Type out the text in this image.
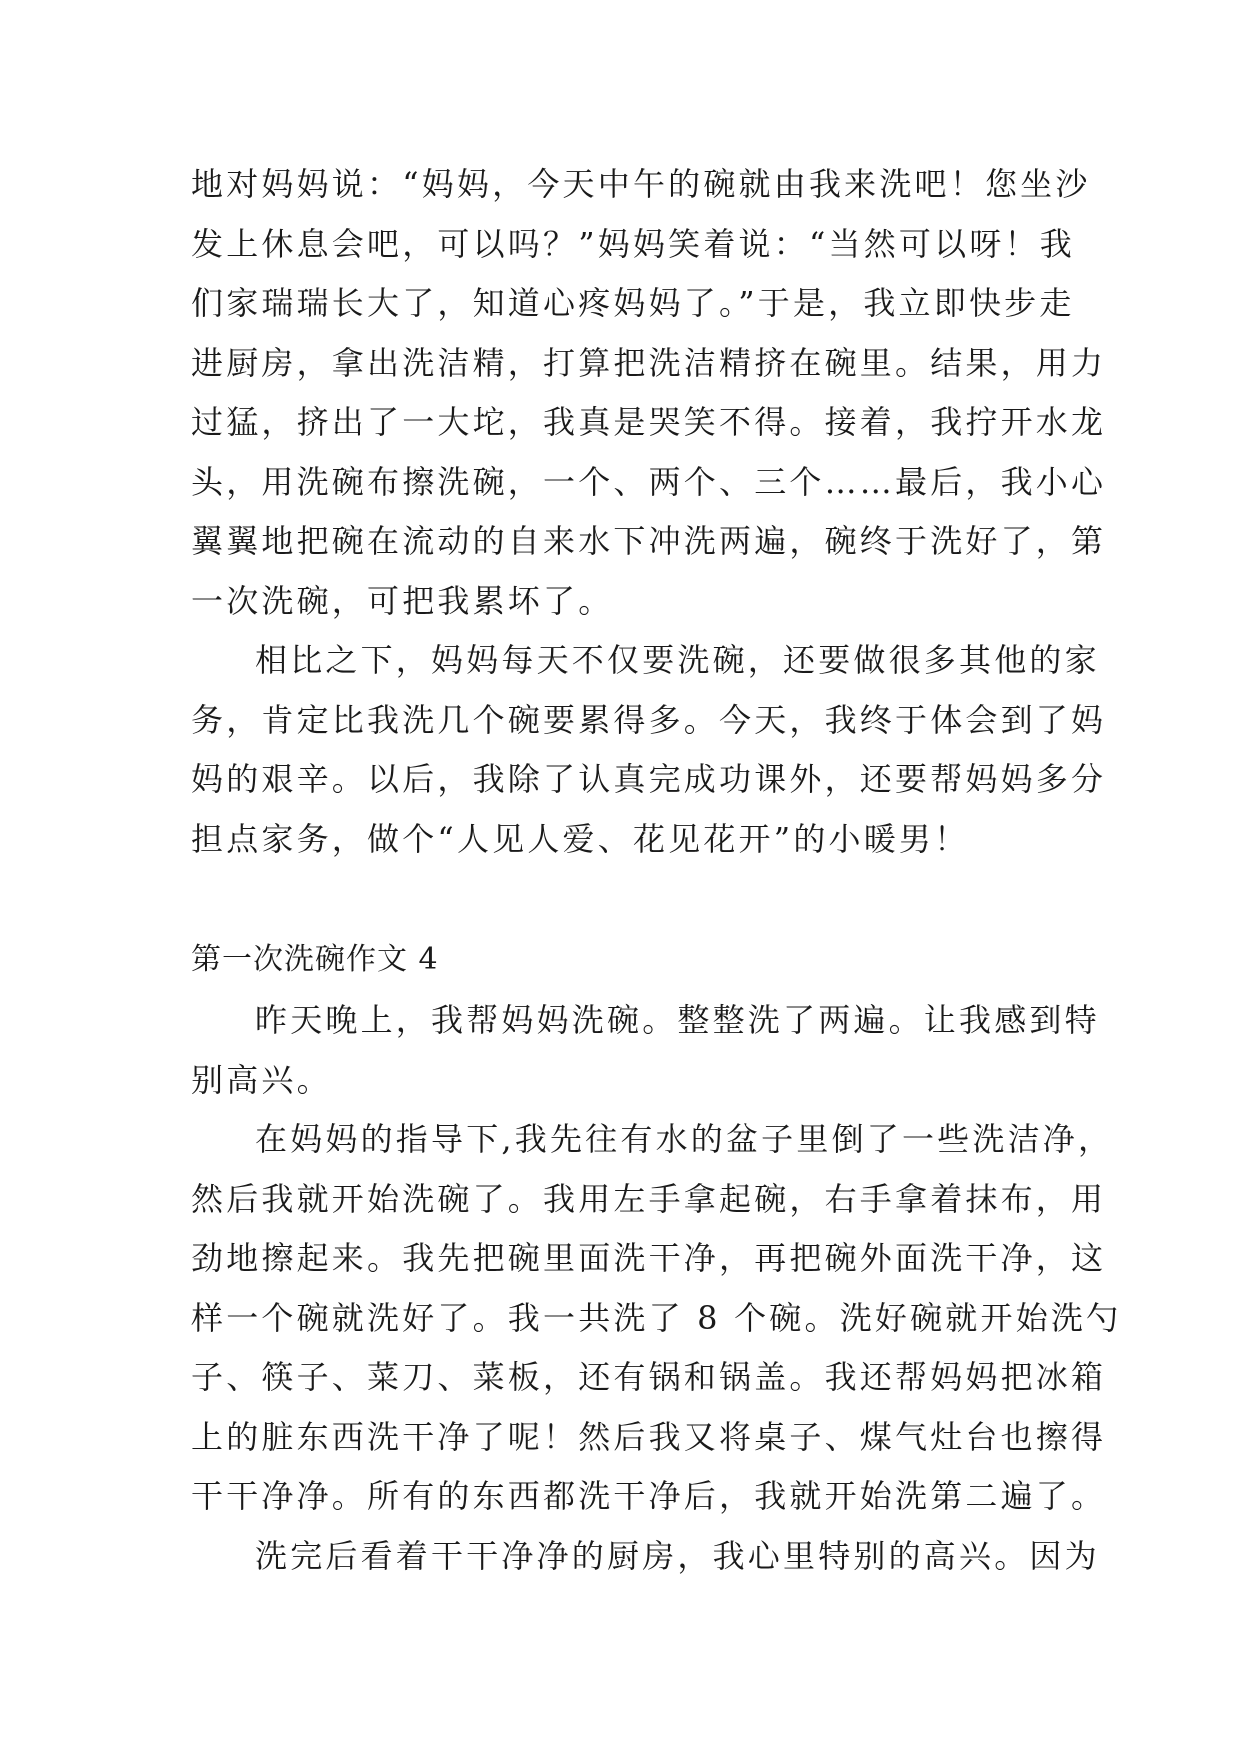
地对妈妈说：“妈妈，今天中午的碗就由我来洗吧！您坐沙
发上休息会吧，可以吗？”妈妈笑着说：“当然可以呀！我
们家瑞瑞长大了，知道心疼妈妈了。”于是，我立即快步走
进厨房，拿出洗洁精，打算把洗洁精挤在碗里。结果，用力
过猛，挤出了一大坨，我真是哭笑不得。接着，我拧开水龙
头，用洗碗布擦洗碗，一个、两个、三个……最后，我小心
翼翼地把碗在流动的自来水下冲洗两遍，碗终于洗好了，第
一次洗碗，可把我累坏了。
相比之下，妈妈每天不仅要洗碗，还要做很多其他的家
务，肯定比我洗几个碗要累得多。今天，我终于体会到了妈
妈的艰辛。以后，我除了认真完成功课外，还要帮妈妈多分
担点家务，做个“人见人爱、花见花开”的小暖男！
第一次洗碗作文 4
昨天晚上，我帮妈妈洗碗。整整洗了两遍。让我感到特
别高兴。
在妈妈的指导下,我先往有水的盆子里倒了一些洗洁净，
然后我就开始洗碗了。我用左手拿起碗，右手拿着抹布，用
劲地擦起来。我先把碗里面洗干净，再把碗外面洗干净，这
样一个碗就洗好了。我一共洗了 8 个碗。洗好碗就开始洗勺
子、筷子、菜刀、菜板，还有锅和锅盖。我还帮妈妈把冰箱
上的脏东西洗干净了呢！然后我又将桌子、煤气灶台也擦得
干干净净。所有的东西都洗干净后，我就开始洗第二遍了。
洗完后看着干干净净的厨房，我心里特别的高兴。因为
